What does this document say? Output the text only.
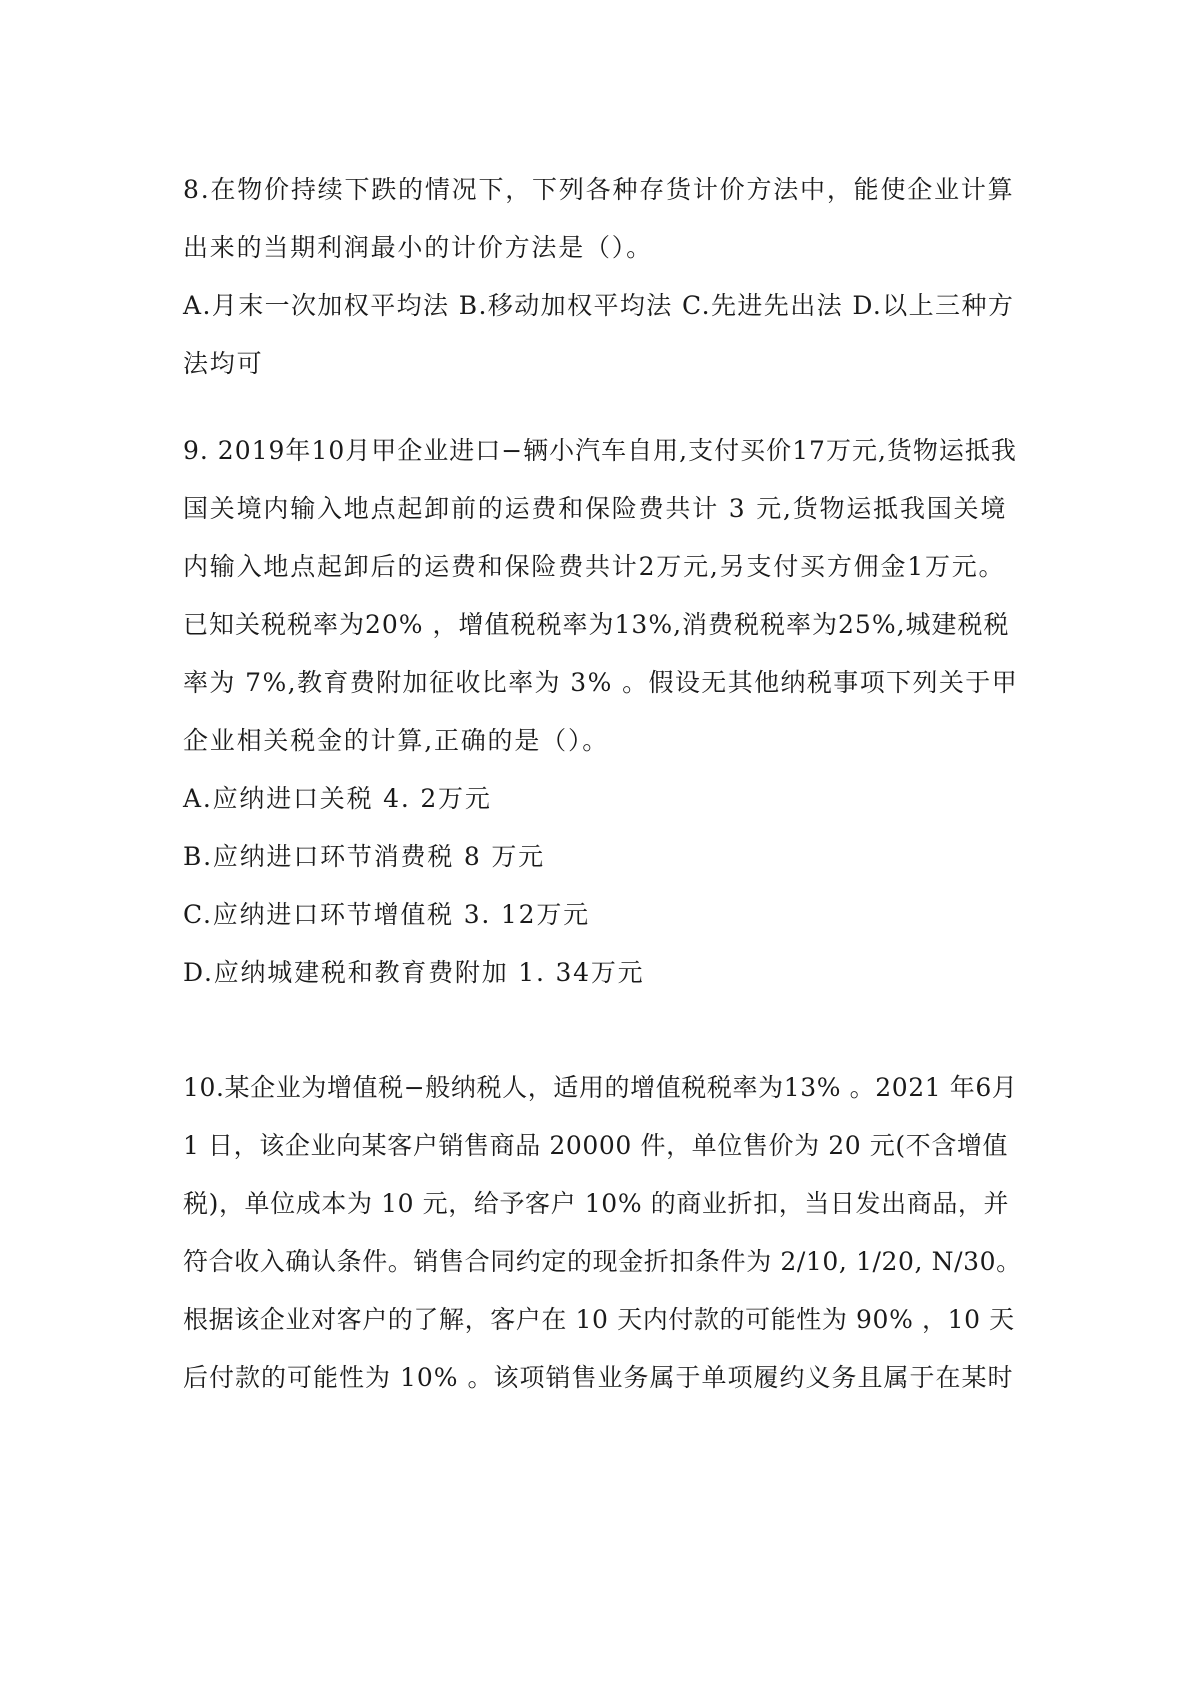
8.在物价持续下跌的情况下，下列各种存货计价方法中，能使企业计算
出来的当期利润最小的计价方法是（）。
A.月末一次加权平均法 B.移动加权平均法 C.先进先出法 D.以上三种方
法均可
9. 2019年10月甲企业进口−辆小汽车自用,支付买价17万元,货物运抵我
国关境内输入地点起卸前的运费和保险费共计 3 元,货物运抵我国关境
内输入地点起卸后的运费和保险费共计2万元,另支付买方佣金1万元。
已知关税税率为20% ，增值税税率为13%,消费税税率为25%,城建税税
率为 7%,教育费附加征收比率为 3% 。假设无其他纳税事项下列关于甲
企业相关税金的计算,正确的是（）。
A.应纳进口关税 4. 2万元
B.应纳进口环节消费税 8 万元
C.应纳进口环节增值税 3. 12万元
D.应纳城建税和教育费附加 1. 34万元
10.某企业为增值税−般纳税人，适用的增值税税率为13% 。2021 年6月
1 日，该企业向某客户销售商品 20000 件，单位售价为 20 元(不含增值
税)，单位成本为 10 元，给予客户 10% 的商业折扣，当日发出商品，并
符合收入确认条件。销售合同约定的现金折扣条件为 2/10, 1/20, N/30。
根据该企业对客户的了解，客户在 10 天内付款的可能性为 90% ，10 天
后付款的可能性为 10% 。该项销售业务属于单项履约义务且属于在某时
